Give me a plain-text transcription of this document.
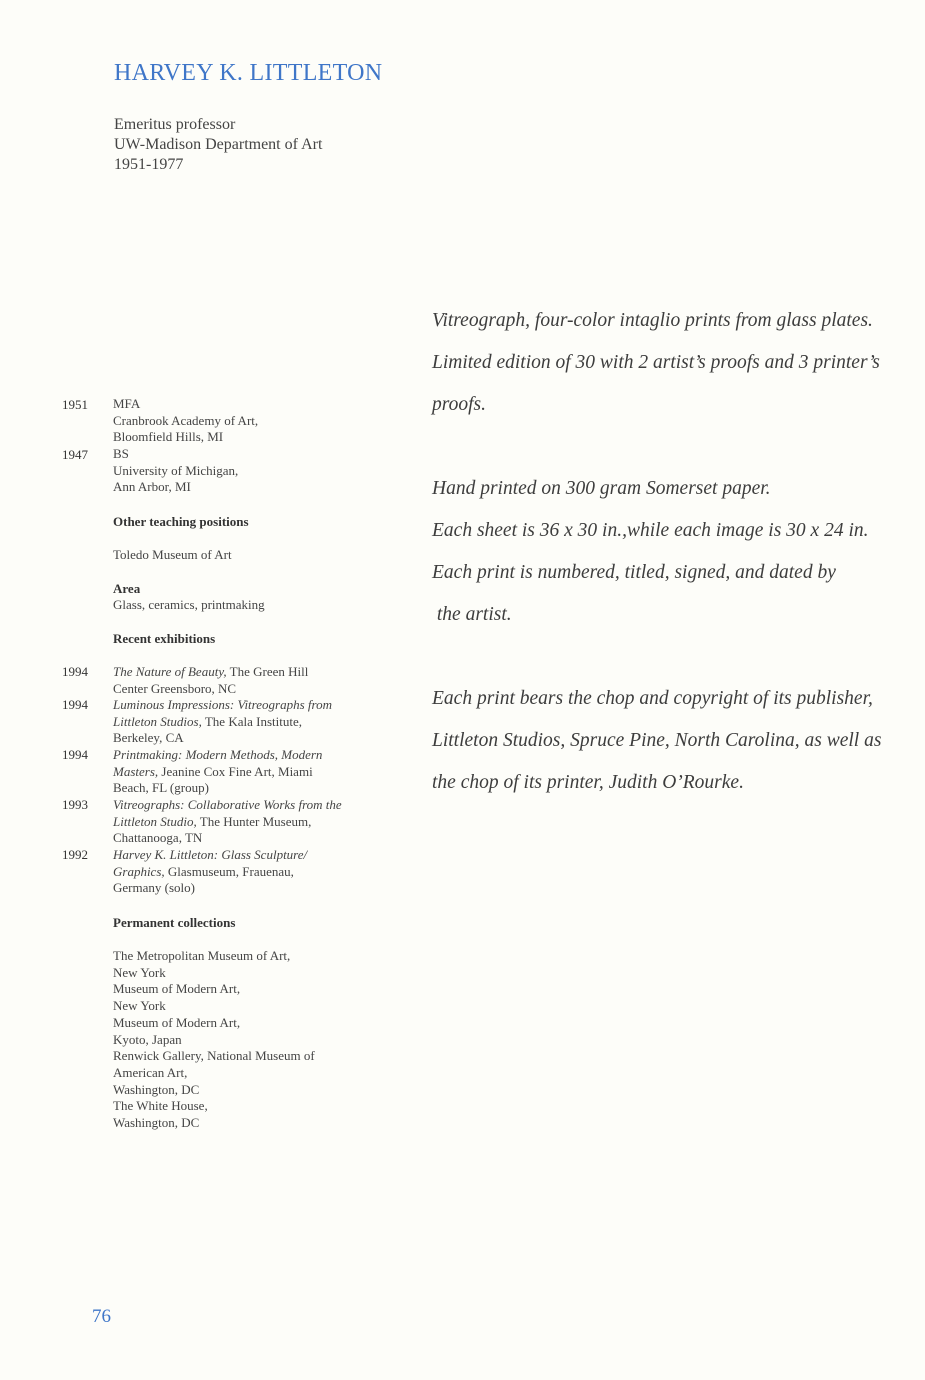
HARVEY K. LITTLETON
Emeritus professor
UW-Madison Department of Art
1951-1977
1951 MFA
Cranbrook Academy of Art,
Bloomfield Hills, MI
1947 BS
University of Michigan,
Ann Arbor, MI
Other teaching positions
Toledo Museum of Art
Area
Glass, ceramics, printmaking
Recent exhibitions
1994 The Nature of Beauty, The Green Hill
Center Greensboro, NC
1994 Luminous Impressions: Vitreographs from
Littleton Studios, The Kala Institute,
Berkeley, CA
1994 Printmaking: Modern Methods, Modern
Masters, Jeanine Cox Fine Art, Miami
Beach, FL (group)
1993 Vitreographs: Collaborative Works from the
Littleton Studio, The Hunter Museum,
Chattanooga, TN
1992 Harvey K. Littleton: Glass Sculpture/
Graphics, Glasmuseum, Frauenau,
Germany (solo)
Permanent collections
The Metropolitan Museum of Art,
New York
Museum of Modern Art,
New York
Museum of Modern Art,
Kyoto, Japan
Renwick Gallery, National Museum of
American Art,
Washington, DC
The White House,
Washington, DC
Vitreograph, four-color intaglio prints from glass plates.
Limited edition of 30 with 2 artist’s proofs and 3 printer’s
proofs.
Hand printed on 300 gram Somerset paper.
Each sheet is 36 x 30 in.,while each image is 30 x 24 in.
Each print is numbered, titled, signed, and dated by
the artist.
Each print bears the chop and copyright of its publisher,
Littleton Studios, Spruce Pine, North Carolina, as well as
the chop of its printer, Judith O’Rourke.
76
